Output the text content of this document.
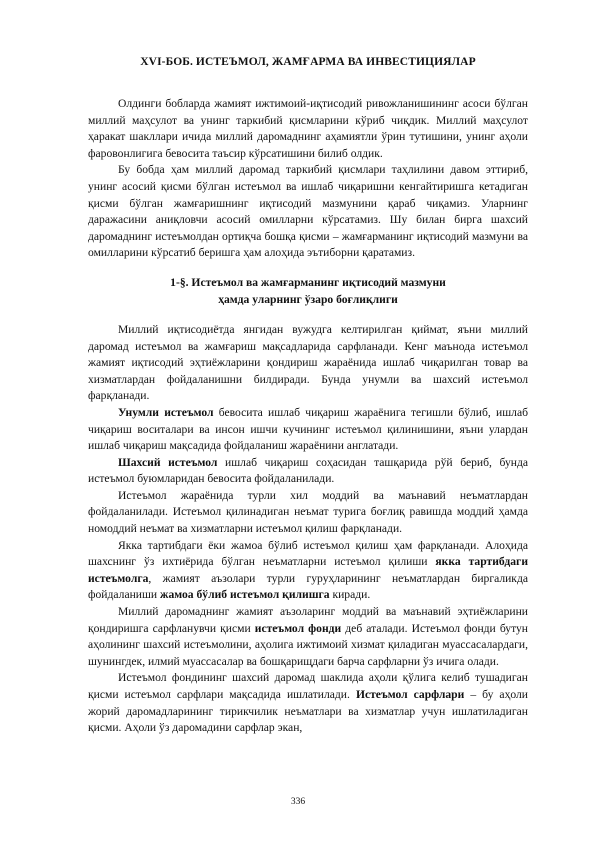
XVI-БОБ. ИСТЕЪМОЛ, ЖАМҒАРМА ВА ИНВЕСТИЦИЯЛАР

Олдинги бобларда жамият ижтимоий-иқтисодий ривожланишининг асоси бўлган миллий маҳсулот ва унинг таркибий қисмларини кўриб чиқдик. Миллий маҳсулот ҳаракат шакллари ичида миллий даромаднинг аҳамиятли ўрин тутишини, унинг аҳоли фаровонлигига бевосита таъсир кўрсатишини билиб олдик.

Бу бобда ҳам миллий даромад таркибий қисмлари таҳлилини давом эттириб, унинг асосий қисми бўлган истеъмол ва ишлаб чиқаришни кенгайтиришга кетадиган қисми бўлган жамғаришнинг иқтисодий мазмунини қараб чиқамиз. Уларнинг даражасини аниқловчи асосий омилларни кўрсатамиз. Шу билан бирга шахсий даромаднинг истеъмолдан ортиқча бошқа қисми – жамғарманинг иқтисодий мазмуни ва омилларини кўрсатиб беришга ҳам алоҳида эътиборни қаратамиз.

1-§. Истеъмол ва жамғарманинг иқтисодий мазмуни
ҳамда уларнинг ўзаро боғлиқлиги

Миллий иқтисодиётда янгидан вужудга келтирилган қиймат, яъни миллий даромад истеъмол ва жамғариш мақсадларида сарфланади. Кенг маънода истеъмол жамият иқтисодий эҳтиёжларини қондириш жараёнида ишлаб чиқарилган товар ва хизматлардан фойдаланишни билдиради. Бунда унумли ва шахсий истеъмол фарқланади.

Унумли истеъмол бевосита ишлаб чиқариш жараёнига тегишли бўлиб, ишлаб чиқариш воситалари ва инсон ишчи кучининг истеъмол қилинишини, яъни улардан ишлаб чиқариш мақсадида фойдаланиш жараёнини англатади.

Шахсий истеъмол ишлаб чиқариш соҳасидан ташқарида рўй бериб, бунда истеъмол буюмларидан бевосита фойдаланилади.

Истеъмол жараёнида турли хил моддий ва маънавий неъматлардан фойдаланилади. Истеъмол қилинадиган неъмат турига боғлиқ равишда моддий ҳамда номоддий неъмат ва хизматларни истеъмол қилиш фарқланади.

Якка тартибдаги ёки жамоа бўлиб истеъмол қилиш ҳам фарқланади. Алоҳида шахснинг ўз ихтиёрида бўлган неъматларни истеъмол қилиши якка тартибдаги истеъмолга, жамият аъзолари турли гуруҳларининг неъматлардан биргаликда фойдаланиши жамоа бўлиб истеъмол қилишга киради.

Миллий даромаднинг жамият аъзоларинг моддий ва маънавий эҳтиёжларини қондиришга сарфланувчи қисми истеъмол фонди деб аталади. Истеъмол фонди бутун аҳолининг шахсий истеъмолини, аҳолига ижтимоий хизмат қиладиган муассасалардаги, шунингдек, илмий муассасалар ва бошқарищдаги барча сарфларни ўз ичига олади.

Истеъмол фондининг шахсий даромад шаклида аҳоли қўлига келиб тушадиган қисми истеъмол сарфлари мақсадида ишлатилади. Истеъмол сарфлари – бу аҳоли жорий даромадларининг тирикчилик неъматлари ва хизматлар учун ишлатиладиган қисми. Аҳоли ўз даромадини сарфлар экан,

336
